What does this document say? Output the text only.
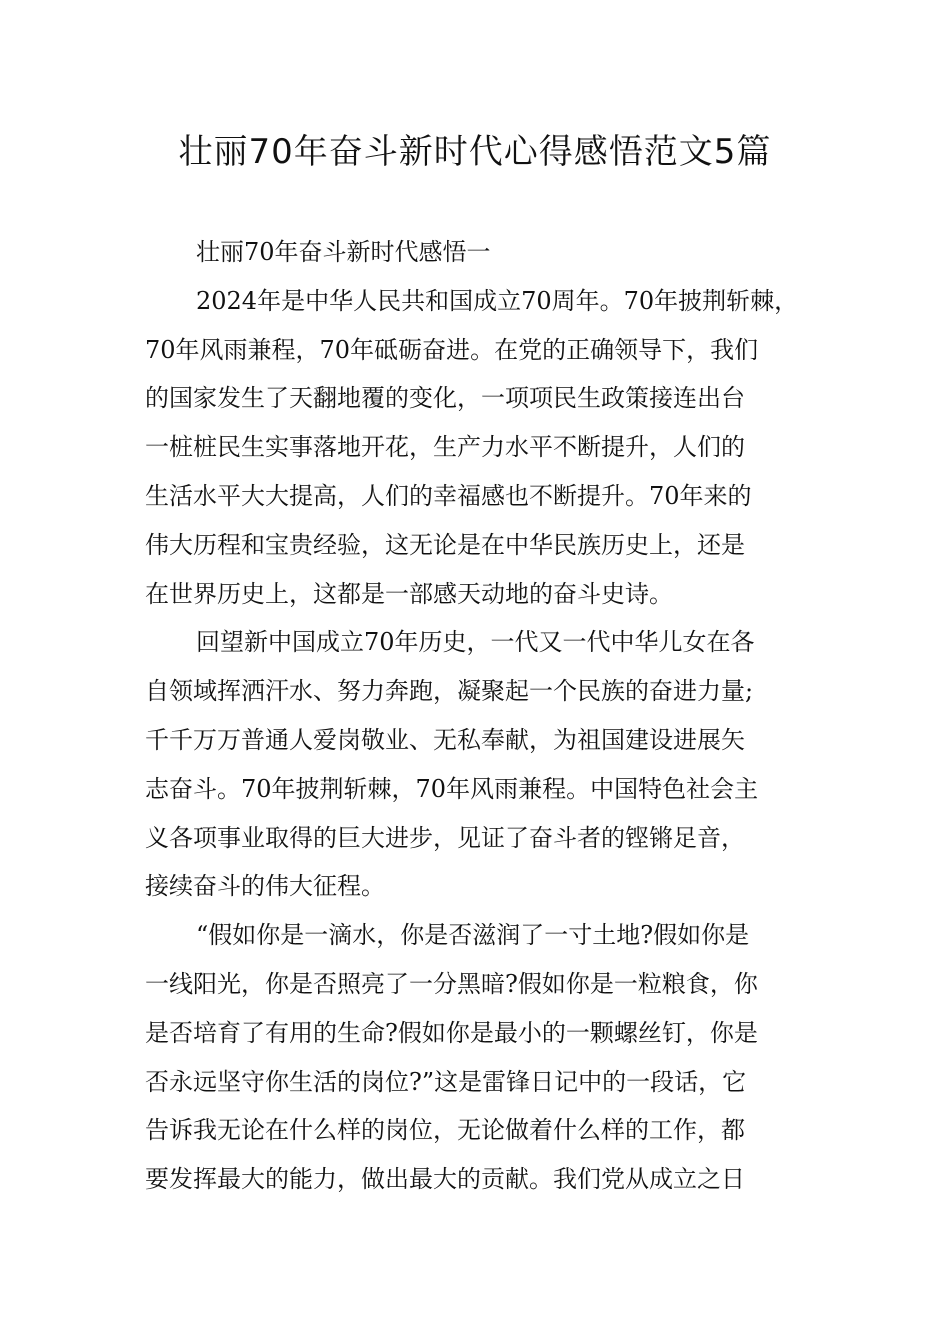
壮丽70年奋斗新时代心得感悟范文5篇
壮丽70年奋斗新时代感悟一
2024年是中华人民共和国成立70周年。70年披荆斩棘，
70年风雨兼程，70年砥砺奋进。在党的正确领导下，我们
的国家发生了天翻地覆的变化，一项项民生政策接连出台
一桩桩民生实事落地开花，生产力水平不断提升，人们的
生活水平大大提高，人们的幸福感也不断提升。70年来的
伟大历程和宝贵经验，这无论是在中华民族历史上，还是
在世界历史上，这都是一部感天动地的奋斗史诗。
回望新中国成立70年历史，一代又一代中华儿女在各
自领域挥洒汗水、努力奔跑，凝聚起一个民族的奋进力量;
千千万万普通人爱岗敬业、无私奉献，为祖国建设进展矢
志奋斗。70年披荆斩棘，70年风雨兼程。中国特色社会主
义各项事业取得的巨大进步，见证了奋斗者的铿锵足音，
接续奋斗的伟大征程。
“假如你是一滴水，你是否滋润了一寸土地?假如你是
一线阳光，你是否照亮了一分黑暗?假如你是一粒粮食，你
是否培育了有用的生命?假如你是最小的一颗螺丝钉，你是
否永远坚守你生活的岗位?”这是雷锋日记中的一段话，它
告诉我无论在什么样的岗位，无论做着什么样的工作，都
要发挥最大的能力，做出最大的贡献。我们党从成立之日
